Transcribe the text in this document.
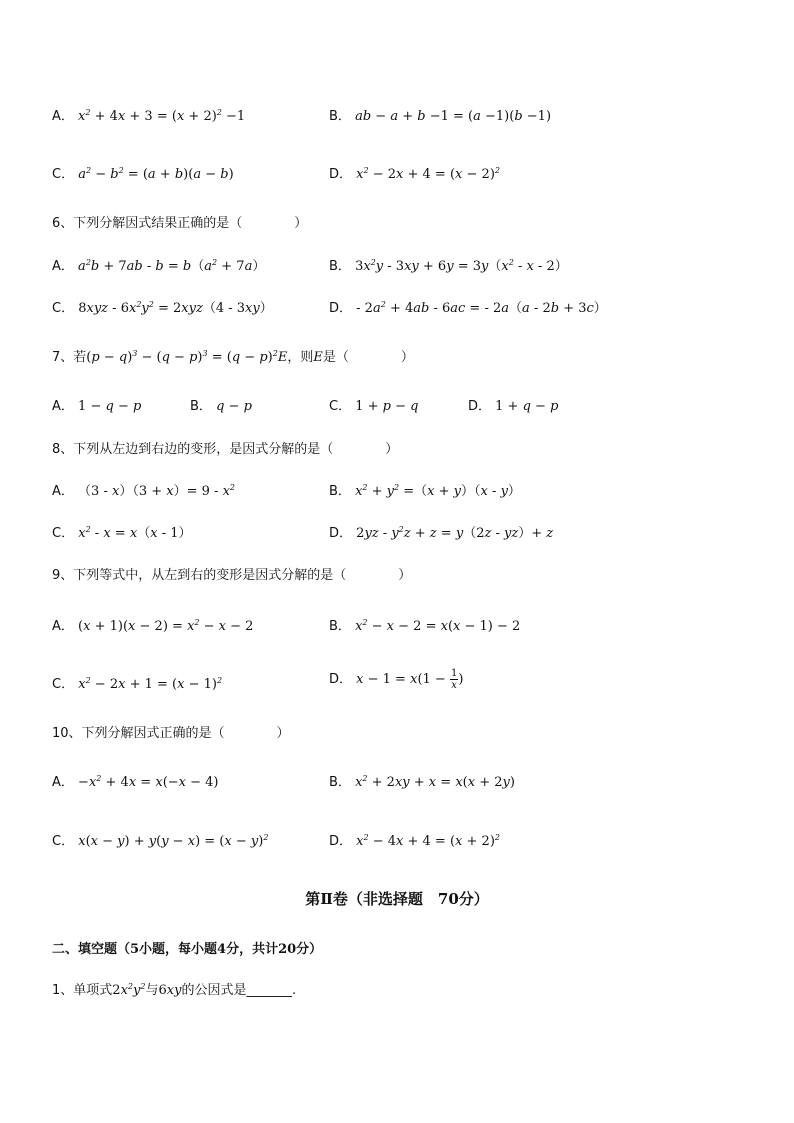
A． $x^2 + 4x + 3 = (x + 2)^2 -1$	B． ab − a + b −1 = (a −1)(b −1)
C． $a^2 - b^2 = (a + b)(a - b)$	D． $x^2 - 2x + 4 = (x - 2)^2$
6、下列分解因式结果正确的是（　　　　）
A． $a^2b + 7ab - b = b(a^2 + 7a)$	B． $3x^2y - 3xy + 6y = 3y(x^2 - x - 2)$
C． $8xyz - 6x^2y^2 = 2xyz(4 - 3xy)$	D． - $2a^2 + 4ab - 6ac$ = - 2a（a - 2b + 3c）
7、若$(p - q)^3 - (q - p)^3 = (q - p)^2E$，则E是（　　　　）
A． 1 − q − p	B． q − p	C． 1 + p − q	D． 1 + q − p
8、下列从左边到右边的变形，是因式分解的是（　　　　）
A． $(3 - x)(3 + x)= 9 - x^2$	B． $x^2 + y^2 =(x + y)(x - y)$
C． $x^2 - x = x(x - 1)$	D． $2yz - y^2z + z = y(2z - yz)+ z$
9、下列等式中，从左到右的变形是因式分解的是（　　　　）
A． $(x + 1)(x - 2) = x^2 - x - 2$	B． $x^2 - x - 2 = x(x - 1) - 2$
C． $x^2 - 2x + 1 = (x - 1)^2$	D． $x - 1 = x(1 - \frac{1}{x}$ )
10、下列分解因式正确的是（　　　　）
A． $-x^2 + 4x = x(-x - 4)$	B． $x^2 + 2xy + x = x(x + 2y)$
C． $x(x - y) + y(y - x) = (x - y)^2$	D． $x^2 - 4x + 4 = (x + 2)^2$
第Ⅱ卷（非选择题　70分）
二、填空题（5小题，每小题4分，共计20分）
1、单项式$2x^2y^2$与6xy的公因式是_______.
